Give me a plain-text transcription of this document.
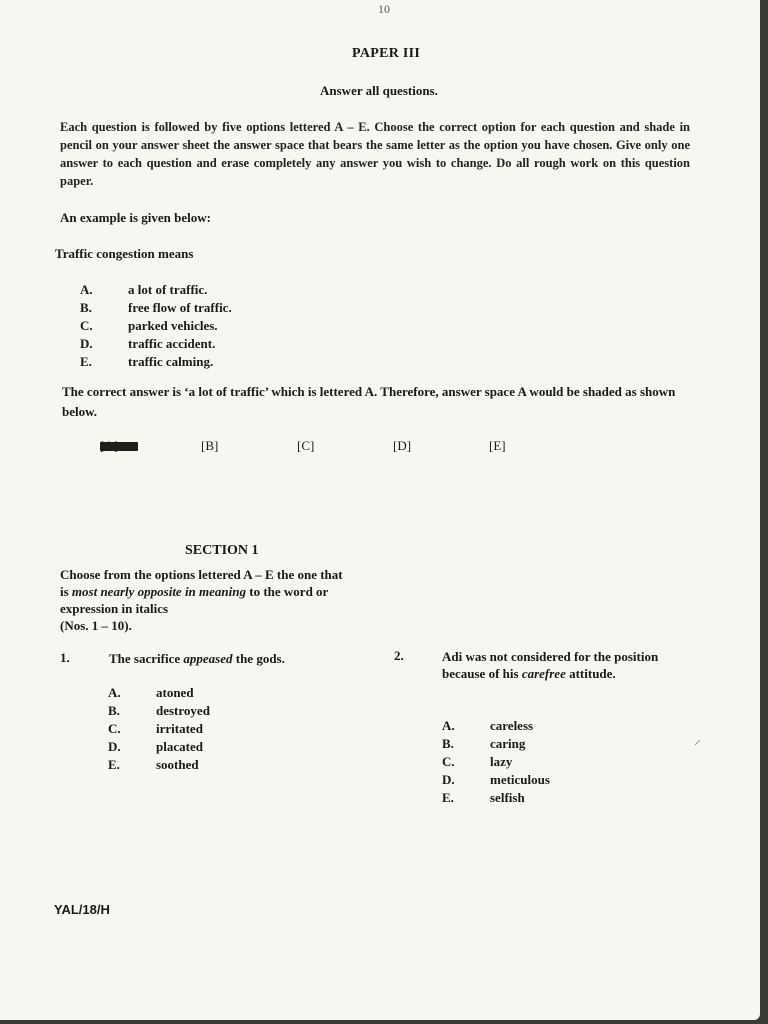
10
PAPER III
Answer all questions.

Each question is followed by five options lettered A – E. Choose the correct option for each question and shade in pencil on your answer sheet the answer space that bears the same letter as the option you have chosen. Give only one answer to each question and erase completely any answer you wish to change. Do all rough work on this question paper.

An example is given below:
Traffic congestion means
A.	a lot of traffic.
B.	free flow of traffic.
C.	parked vehicles.
D.	traffic accident.
E.	traffic calming.
The correct answer is ‘a lot of traffic’ which is lettered A. Therefore, answer space A would be shaded as shown below.
[B]	[C]	[D]	[E]
SECTION 1
Choose from the options lettered A – E the one that is most nearly opposite in meaning to the word or expression in italics
(Nos. 1 – 10).
1.	The sacrifice appeased the gods.
A.	atoned
B.	destroyed
C.	irritated
D.	placated
E.	soothed
2.	Adi was not considered for the position because of his carefree attitude.
A.	careless
B.	caring
C.	lazy
D.	meticulous
E.	selfish
⸝
YAL/18/H
